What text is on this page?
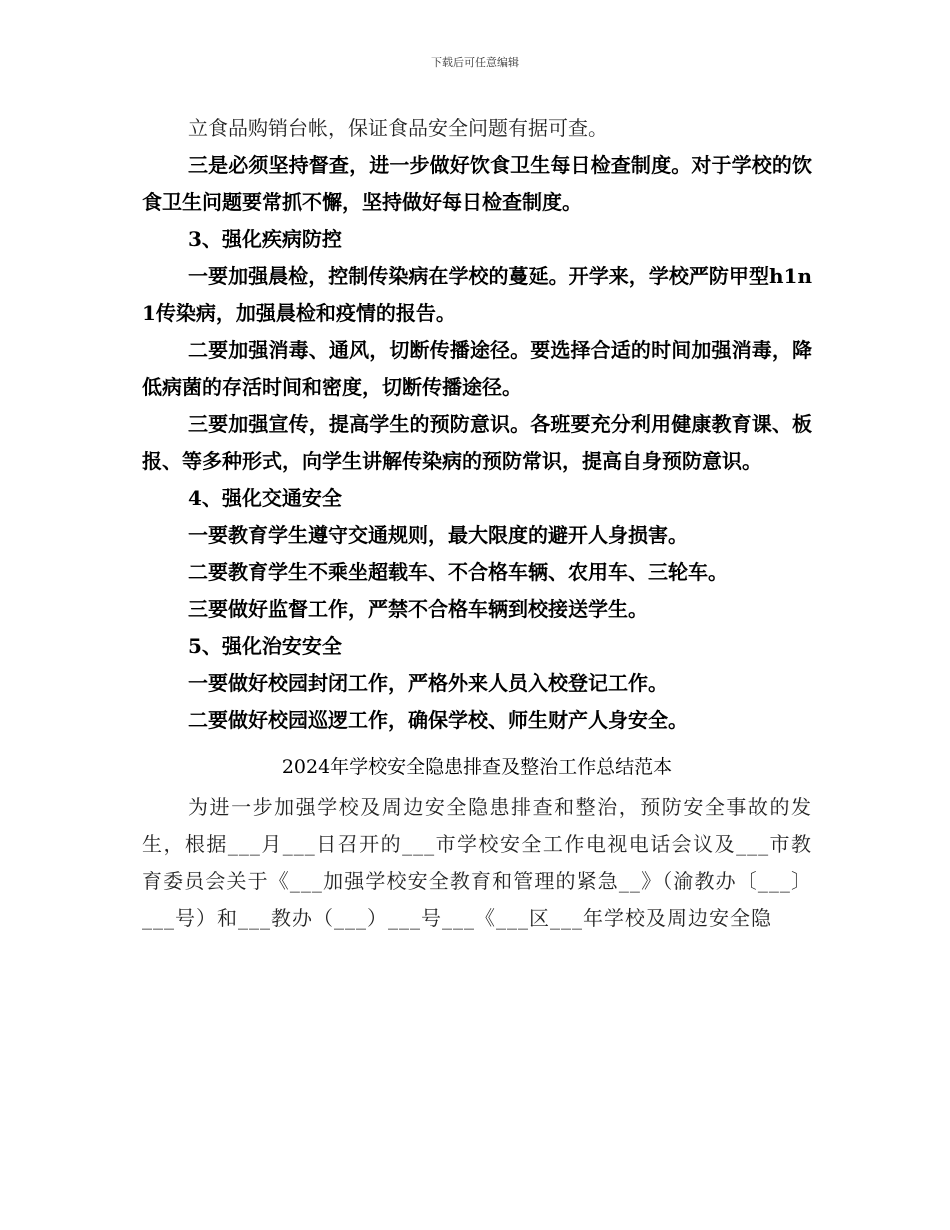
下载后可任意编辑

立食品购销台帐，保证食品安全问题有据可查。

三是必须坚持督查，进一步做好饮食卫生每日检查制度。对于学校的饮食卫生问题要常抓不懈，坚持做好每日检查制度。

3、强化疾病防控

一要加强晨检，控制传染病在学校的蔓延。开学来，学校严防甲型h1n1传染病，加强晨检和疫情的报告。

二要加强消毒、通风，切断传播途径。要选择合适的时间加强消毒，降低病菌的存活时间和密度，切断传播途径。

三要加强宣传，提高学生的预防意识。各班要充分利用健康教育课、板报、等多种形式，向学生讲解传染病的预防常识，提高自身预防意识。

4、强化交通安全

一要教育学生遵守交通规则，最大限度的避开人身损害。

二要教育学生不乘坐超载车、不合格车辆、农用车、三轮车。

三要做好监督工作，严禁不合格车辆到校接送学生。

5、强化治安安全

一要做好校园封闭工作，严格外来人员入校登记工作。

二要做好校园巡逻工作，确保学校、师生财产人身安全。

2024年学校安全隐患排查及整治工作总结范本

为进一步加强学校及周边安全隐患排查和整治，预防安全事故的发生，根据___月___日召开的___市学校安全工作电视电话会议及___市教育委员会关于《___加强学校安全教育和管理的紧急__》（渝教办〔___〕___号）和___教办（___）___号___《___区___年学校及周边安全隐
